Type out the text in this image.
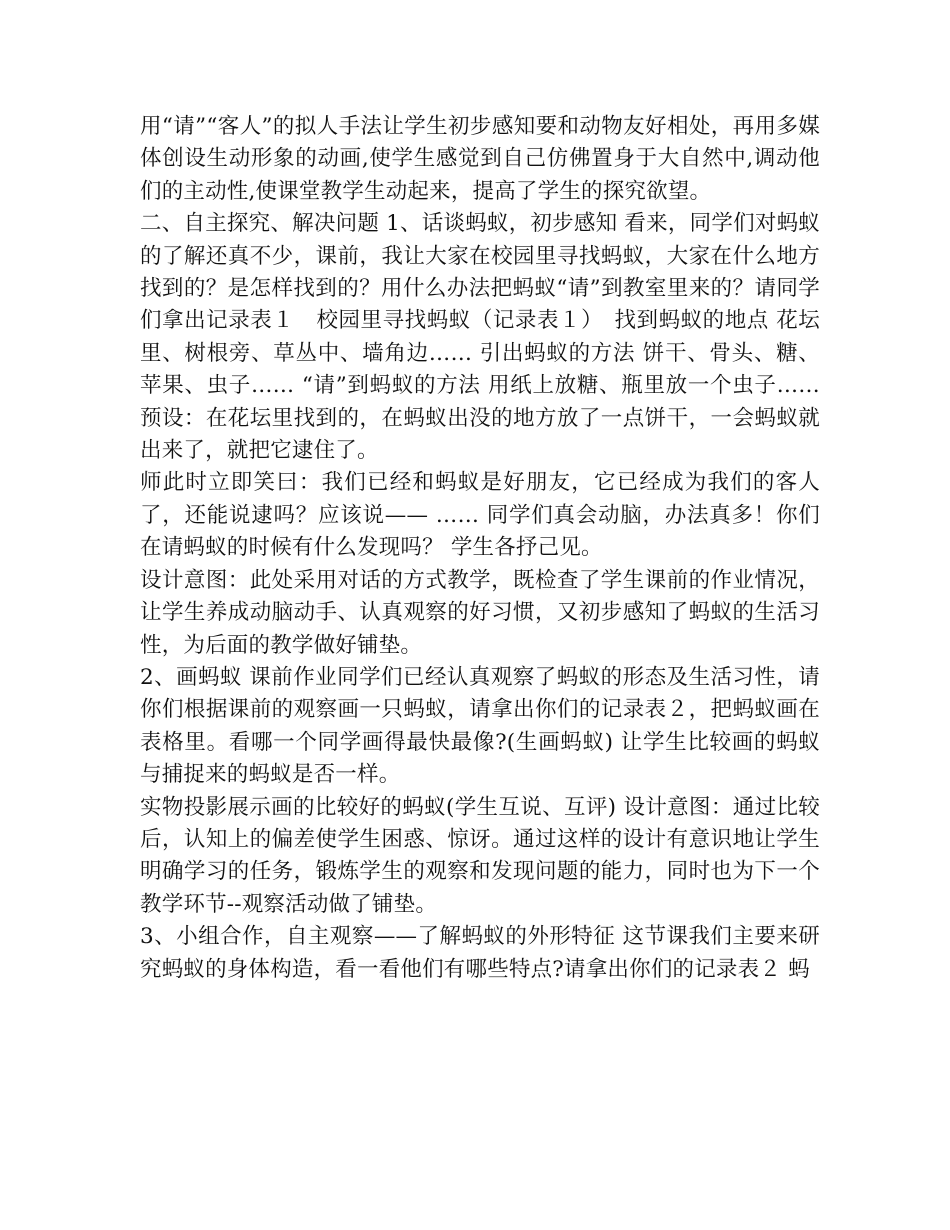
用“请”“客人”的拟人手法让学生初步感知要和动物友好相处，再用多媒体创设生动形象的动画,使学生感觉到自己仿佛置身于大自然中,调动他们的主动性,使课堂教学生动起来，提高了学生的探究欲望。

二、自主探究、解决问题 1、话谈蚂蚁，初步感知 看来，同学们对蚂蚁的了解还真不少，课前，我让大家在校园里寻找蚂蚁，大家在什么地方找到的？是怎样找到的？用什么办法把蚂蚁“请”到教室里来的？请同学们拿出记录表１　校园里寻找蚂蚁（记录表１）　找到蚂蚁的地点 花坛里、树根旁、草丛中、墙角边…… 引出蚂蚁的方法 饼干、骨头、糖、苹果、虫子…… “请”到蚂蚁的方法 用纸上放糖、瓶里放一个虫子…… 预设：在花坛里找到的，在蚂蚁出没的地方放了一点饼干，一会蚂蚁就出来了，就把它逮住了。

师此时立即笑曰：我们已经和蚂蚁是好朋友，它已经成为我们的客人了，还能说逮吗？应该说—— …… 同学们真会动脑，办法真多！你们在请蚂蚁的时候有什么发现吗？ 学生各抒己见。

设计意图：此处采用对话的方式教学，既检查了学生课前的作业情况，让学生养成动脑动手、认真观察的好习惯，又初步感知了蚂蚁的生活习性，为后面的教学做好铺垫。

2、画蚂蚁 课前作业同学们已经认真观察了蚂蚁的形态及生活习性，请你们根据课前的观察画一只蚂蚁，请拿出你们的记录表２，把蚂蚁画在表格里。看哪一个同学画得最快最像?(生画蚂蚁) 让学生比较画的蚂蚁与捕捉来的蚂蚁是否一样。

实物投影展示画的比较好的蚂蚁(学生互说、互评) 设计意图：通过比较后，认知上的偏差使学生困惑、惊讶。通过这样的设计有意识地让学生明确学习的任务，锻炼学生的观察和发现问题的能力，同时也为下一个教学环节--观察活动做了铺垫。

3、小组合作，自主观察——了解蚂蚁的外形特征 这节课我们主要来研究蚂蚁的身体构造，看一看他们有哪些特点?请拿出你们的记录表２ 蚂
